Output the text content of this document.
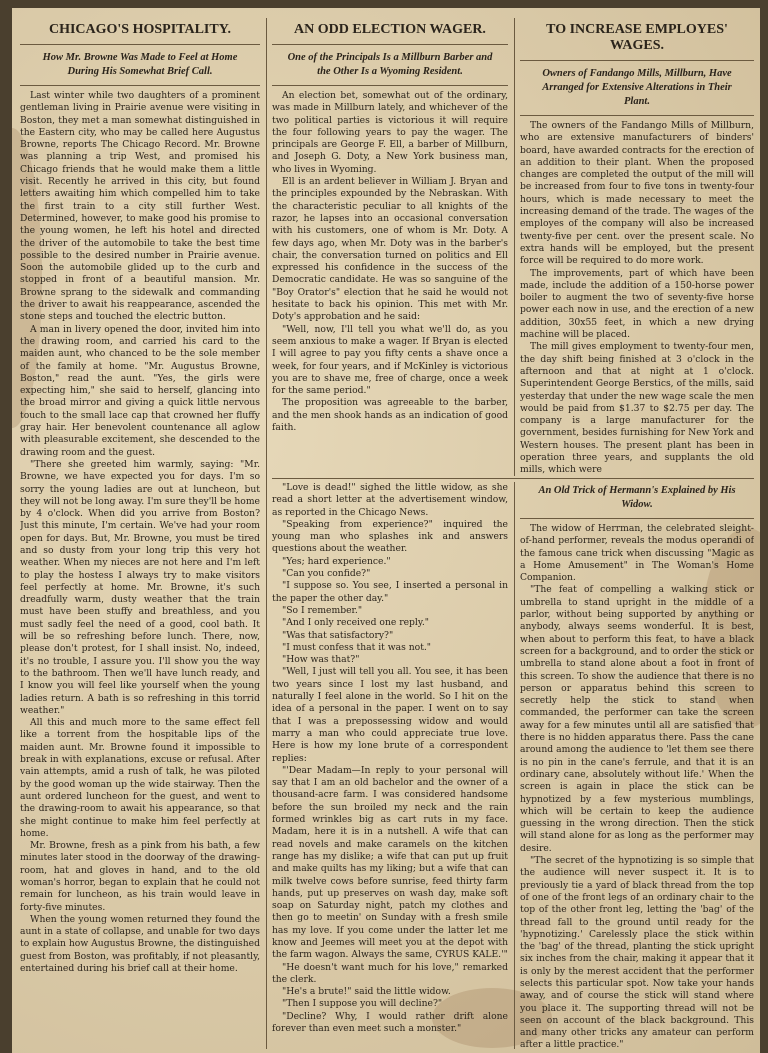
CHICAGO'S HOSPITALITY.
How Mr. Browne Was Made to Feel at Home During His Somewhat Brief Call.

Last winter while two daughters of a prominent gentleman living in Prairie avenue were visiting in Boston, they met a man somewhat distinguished in the Eastern city, who may be called here Augustus Browne, reports The Chicago Record. Mr. Browne was planning a trip West, and promised his Chicago friends that he would make them a little visit. Recently he arrived in this city, but found letters awaiting him which compelled him to take the first train to a city still further West. Determined, however, to make good his promise to the young women, he left his hotel and directed the driver of the automobile to take the best time possible to the desired number in Prairie avenue. Soon the automobile glided up to the curb and stopped in front of a beautiful mansion. Mr. Browne sprang to the sidewalk and commanding the driver to await his reappearance, ascended the stone steps and touched the electric button.

A man in livery opened the door, invited him into the drawing room, and carried his card to the maiden aunt, who chanced to be the sole member of the family at home. "Mr. Augustus Browne, Boston," read the aunt. "Yes, the girls were expecting him," she said to herself, glancing into the broad mirror and giving a quick little nervous touch to the small lace cap that crowned her fluffy gray hair. Her benevolent countenance all aglow with pleasurable excitement, she descended to the drawing room and the guest.

"There she greeted him warmly, saying: "Mr. Browne, we have expected you for days. I'm so sorry the young ladies are out at luncheon, but they will not be long away. I'm sure they'll be home by 4 o'clock. When did you arrive from Boston? Just this minute, I'm certain. We've had your room open for days. But, Mr. Browne, you must be tired and so dusty from your long trip this very hot weather. When my nieces are not here and I'm left to play the hostess I always try to make visitors feel perfectly at home. Mr. Browne, it's such dreadfully warm, dusty weather that the train must have been stuffy and breathless, and you must sadly feel the need of a good, cool bath. It will be so refreshing before lunch. There, now, please don't protest, for I shall insist. No, indeed, it's no trouble, I assure you. I'll show you the way to the bathroom. Then we'll have lunch ready, and I know you will feel like yourself when the young ladies return. A bath is so refreshing in this torrid weather."

All this and much more to the same effect fell like a torrent from the hospitable lips of the maiden aunt. Mr. Browne found it impossible to break in with explanations, excuse or refusal. After vain attempts, amid a rush of talk, he was piloted by the good woman up the wide stairway. Then the aunt ordered luncheon for the guest, and went to the drawing-room to await his appearance, so that she might continue to make him feel perfectly at home.

Mr. Browne, fresh as a pink from his bath, a few minutes later stood in the doorway of the drawing-room, hat and gloves in hand, and to the old woman's horror, began to explain that he could not remain for luncheon, as his train would leave in forty-five minutes.

When the young women returned they found the aunt in a state of collapse, and unable for two days to explain how Augustus Browne, the distinguished guest from Boston, was profitably, if not pleasantly, entertained during his brief call at their home.

AN ODD ELECTION WAGER.
One of the Principals Is a Millburn Barber and the Other Is a Wyoming Resident.

An election bet, somewhat out of the ordinary, was made in Millburn lately, and whichever of the two political parties is victorious it will require the four following years to pay the wager. The principals are George F. Ell, a barber of Millburn, and Joseph G. Doty, a New York business man, who lives in Wyoming.

Ell is an ardent believer in William J. Bryan and the principles expounded by the Nebraskan. With the characteristic peculiar to all knights of the razor, he lapses into an occasional conversation with his customers, one of whom is Mr. Doty. A few days ago, when Mr. Doty was in the barber's chair, the conversation turned on politics and Ell expressed his confidence in the success of the Democratic candidate. He was so sanguine of the "Boy Orator's" election that he said he would not hesitate to back his opinion. This met with Mr. Doty's approbation and he said:

"Well, now, I'll tell you what we'll do, as you seem anxious to make a wager. If Bryan is elected I will agree to pay you fifty cents a shave once a week, for four years, and if McKinley is victorious you are to shave me, free of charge, once a week for the same period."

The proposition was agreeable to the barber, and the men shook hands as an indication of good faith.

TO INCREASE EMPLOYES' WAGES.
Owners of Fandango Mills, Millburn, Have Arranged for Extensive Alterations in Their Plant.

The owners of the Fandango Mills of Millburn, who are extensive manufacturers of binders' board, have awarded contracts for the erection of an addition to their plant. When the proposed changes are completed the output of the mill will be increased from four to five tons in twenty-four hours, which is made necessary to meet the increasing demand of the trade. The wages of the employes of the company will also be increased twenty-five per cent. over the present scale. No extra hands will be employed, but the present force will be required to do more work.

The improvements, part of which have been made, include the addition of a 150-horse power boiler to augment the two of seventy-five horse power each now in use, and the erection of a new addition, 30x55 feet, in which a new drying machine will be placed.

The mill gives employment to twenty-four men, the day shift being finished at 3 o'clock in the afternoon and that at night at 1 o'clock. Superintendent George Berstics, of the mills, said yesterday that under the new wage scale the men would be paid from $1.37 to $2.75 per day. The company is a large manufacturer for the government, besides furnishing for New York and Western houses. The present plant has been in operation three years, and supplants the old mills, which were

"Love is dead!" sighed the little widow, as she read a short letter at the advertisement window, as reported in the Chicago News.

"Speaking from experience?" inquired the young man who splashes ink and answers questions about the weather.

"Yes; hard experience."

"Can you confide?"

"I suppose so. You see, I inserted a personal in the paper the other day."

"So I remember."

"And I only received one reply."

"Was that satisfactory?"

"I must confess that it was not."

"How was that?"

"Well, I just will tell you all. You see, it has been two years since I lost my last husband, and naturally I feel alone in the world. So I hit on the idea of a personal in the paper. I went on to say that I was a prepossessing widow and would marry a man who could appreciate true love. Here is how my lone brute of a correspondent replies:

"'Dear Madam—In reply to your personal will say that I am an old bachelor and the owner of a thousand-acre farm. I was considered handsome before the sun broiled my neck and the rain formed wrinkles big as cart ruts in my face. Madam, here it is in a nutshell. A wife that can read novels and make caramels on the kitchen range has my dislike; a wife that can put up fruit and make quilts has my liking; but a wife that can milk twelve cows before sunrise, feed thirty farm hands, put up preserves on wash day, make soft soap on Saturday night, patch my clothes and then go to meetin' on Sunday with a fresh smile has my love. If you come under the latter let me know and Jeemes will meet you at the depot with the farm wagon. Always the same, CYRUS KALE.'"

"He doesn't want much for his love," remarked the clerk.

"He's a brute!" said the little widow.

"Then I suppose you will decline?"

"Decline? Why, I would rather drift alone forever than even meet such a monster."

An Old Trick of Hermann's Explained by His Widow.

The widow of Herrman, the celebrated sleight-of-hand performer, reveals the modus operandi of the famous cane trick when discussing "Magic as a Home Amusement" in The Woman's Home Companion.

"The feat of compelling a walking stick or umbrella to stand upright in the middle of a parlor, without being supported by anything or anybody, always seems wonderful. It is best, when about to perform this feat, to have a black screen for a background, and to order the stick or umbrella to stand alone about a foot in front of this screen. To show the audience that there is no person or apparatus behind this screen to secretly help the stick to stand when commanded, the performer can take the screen away for a few minutes until all are satisfied that there is no hidden apparatus there. Pass the cane around among the audience to 'let them see there is no pin in the cane's ferrule, and that it is an ordinary cane, absolutely without life.' When the screen is again in place the stick can be hypnotized by a few mysterious mumblings, which will be certain to keep the audience guessing in the wrong direction. Then the stick will stand alone for as long as the performer may desire.

"The secret of the hypnotizing is so simple that the audience will never suspect it. It is to previously tie a yard of black thread from the top of one of the front legs of an ordinary chair to the top of the other front leg, letting the 'bag' of the thread fall to the ground until ready for the 'hypnotizing.' Carelessly place the stick within the 'bag' of the thread, planting the stick upright six inches from the chair, making it appear that it is only by the merest accident that the performer selects this particular spot. Now take your hands away, and of course the stick will stand where you place it. The supporting thread will not be seen on account of the black background. This and many other tricks any amateur can perform after a little practice."
